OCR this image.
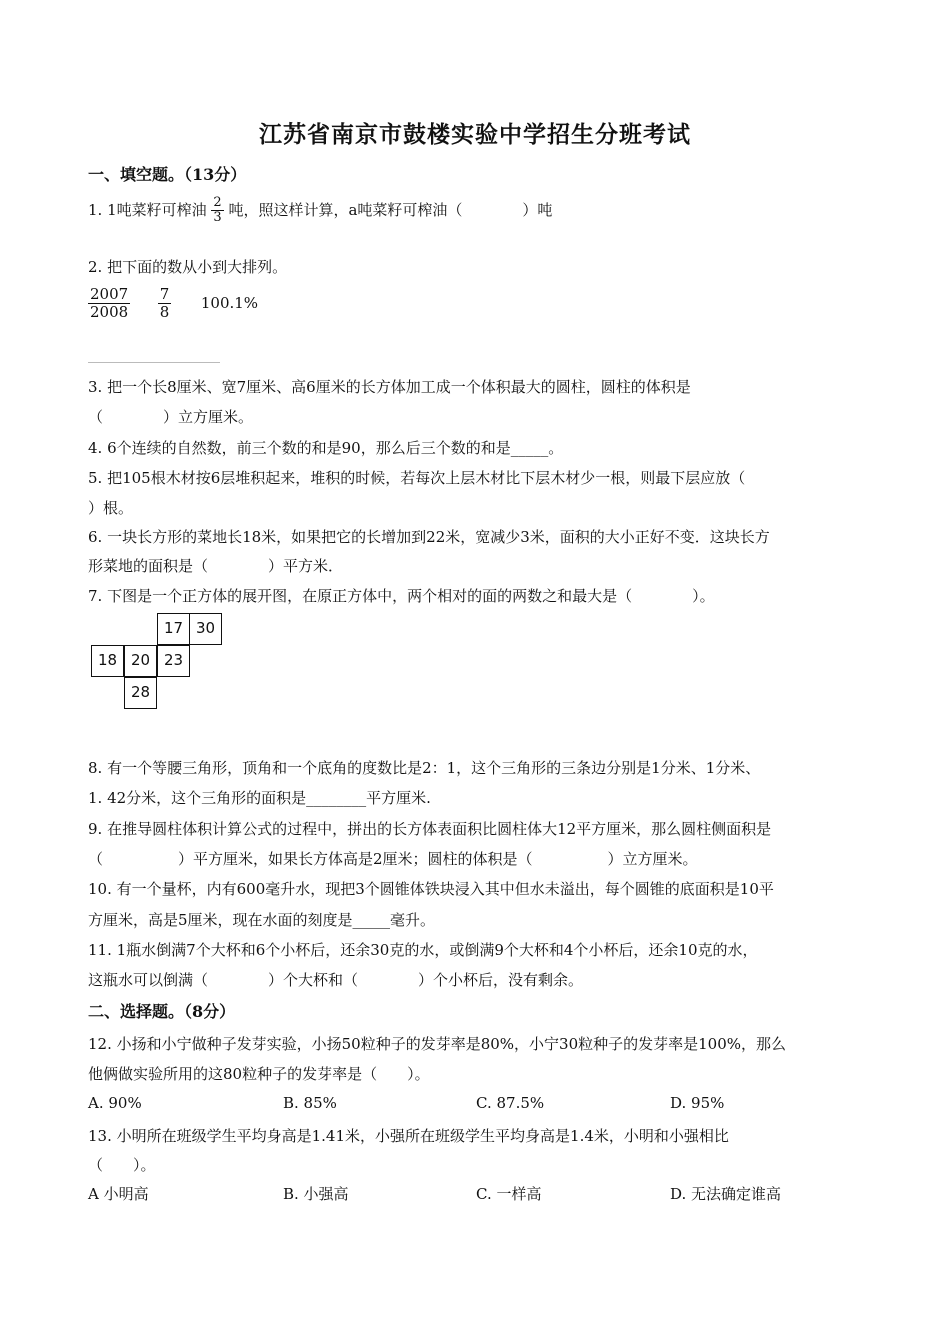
江苏省南京市鼓楼实验中学招生分班考试
一、填空题。（13分）
1. 1吨菜籽可榨油 $\frac{2}{3}$ 吨，照这样计算，a吨菜籽可榨油（　　　　）吨
2. 把下面的数从小到大排列。
$\frac{2007}{2008}$
$\frac{7}{8} 100.1\%$
3. 把一个长8厘米、宽7厘米、高6厘米的长方体加工成一个体积最大的圆柱，圆柱的体积是
（　　　　）立方厘米。
4. 6个连续的自然数，前三个数的和是90，那么后三个数的和是_____。
5. 把105根木材按6层堆积起来，堆积的时候，若每次上层木材比下层木材少一根，则最下层应放（
）根。
6. 一块长方形的菜地长18米，如果把它的长增加到22米，宽减少3米，面积的大小正好不变．这块长方
形菜地的面积是（　　　　）平方米．
7. 下图是一个正方体的展开图，在原正方体中，两个相对的面的两数之和最大是（　　　　）。
17 30
18 20 23
28
8. 有一个等腰三角形，顶角和一个底角的度数比是2：1，这个三角形的三条边分别是1分米、1分米、
1. 42分米，这个三角形的面积是________平方厘米.
9. 在推导圆柱体积计算公式的过程中，拼出的长方体表面积比圆柱体大12平方厘米，那么圆柱侧面积是
（　　　　　）平方厘米，如果长方体高是2厘米；圆柱的体积是（　　　　　）立方厘米。
10. 有一个量杯，内有600毫升水，现把3个圆锥体铁块浸入其中但水未溢出，每个圆锥的底面积是10平
方厘米，高是5厘米，现在水面的刻度是_____毫升。
11. 1瓶水倒满7个大杯和6个小杯后，还余30克的水，或倒满9个大杯和4个小杯后，还余10克的水，
这瓶水可以倒满（　　　　）个大杯和（　　　　）个小杯后，没有剩余。
二、选择题。（8分）
12. 小扬和小宁做种子发芽实验，小扬50粒种子的发芽率是80%，小宁30粒种子的发芽率是100%，那么
他俩做实验所用的这80粒种子的发芽率是（　　）。
A. 90%	B. 85%	C. 87.5%	D. 95%
13. 小明所在班级学生平均身高是1.41米，小强所在班级学生平均身高是1.4米，小明和小强相比
（　　）。
A 小明高	B. 小强高	C. 一样高	D. 无法确定谁高
